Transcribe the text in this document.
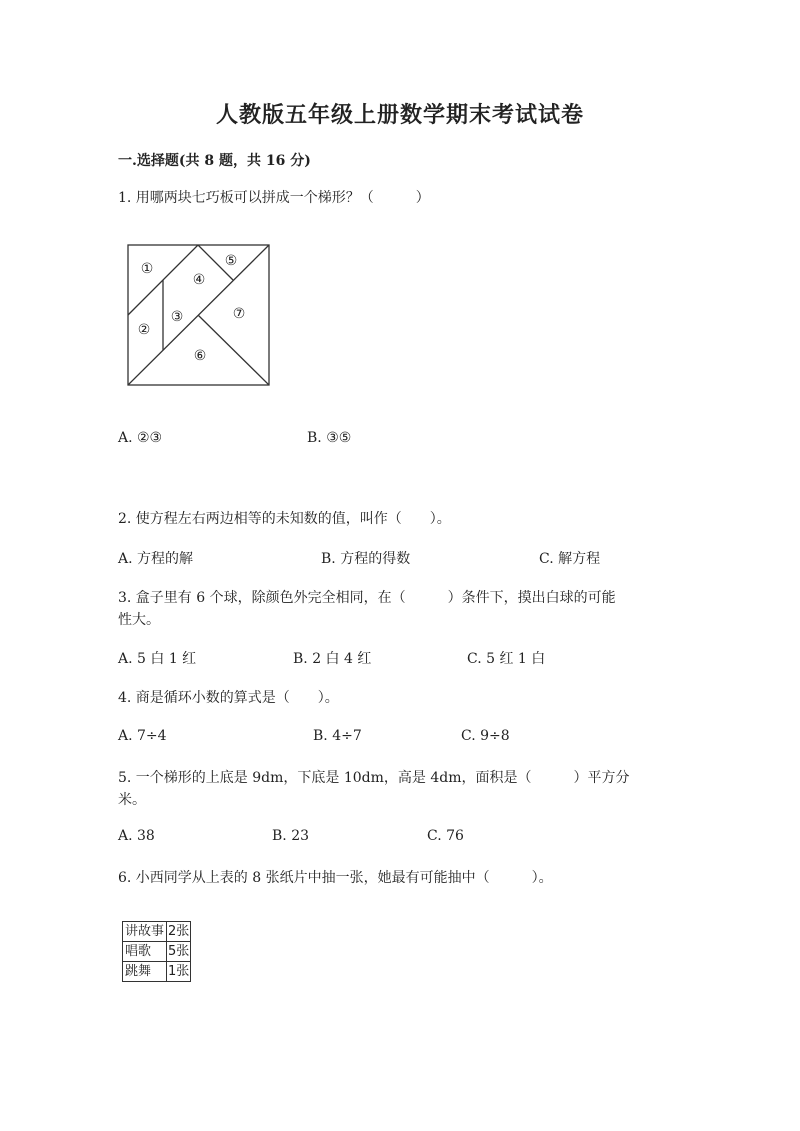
人教版五年级上册数学期末考试试卷
一.选择题(共 8 题，共 16 分)
1. 用哪两块七巧板可以拼成一个梯形？（　　　）
①
②
③
④
⑤
⑥
⑦
A. ②③	B. ③⑤
2. 使方程左右两边相等的未知数的值，叫作（　　）。
A. 方程的解	B. 方程的得数	C. 解方程
3. 盒子里有 6 个球，除颜色外完全相同，在（　　　）条件下，摸出白球的可能
性大。
A. 5 白 1 红	B. 2 白 4 红	C. 5 红 1 白
4. 商是循环小数的算式是（　　）。
A. 7÷4	B. 4÷7	C. 9÷8
5. 一个梯形的上底是 9dm，下底是 10dm，高是 4dm，面积是（　　　）平方分
米。
A. 38	B. 23	C. 76
6. 小西同学从上表的 8 张纸片中抽一张，她最有可能抽中（　　　）。
讲故事	2张
唱歌	5张
跳舞	1张
